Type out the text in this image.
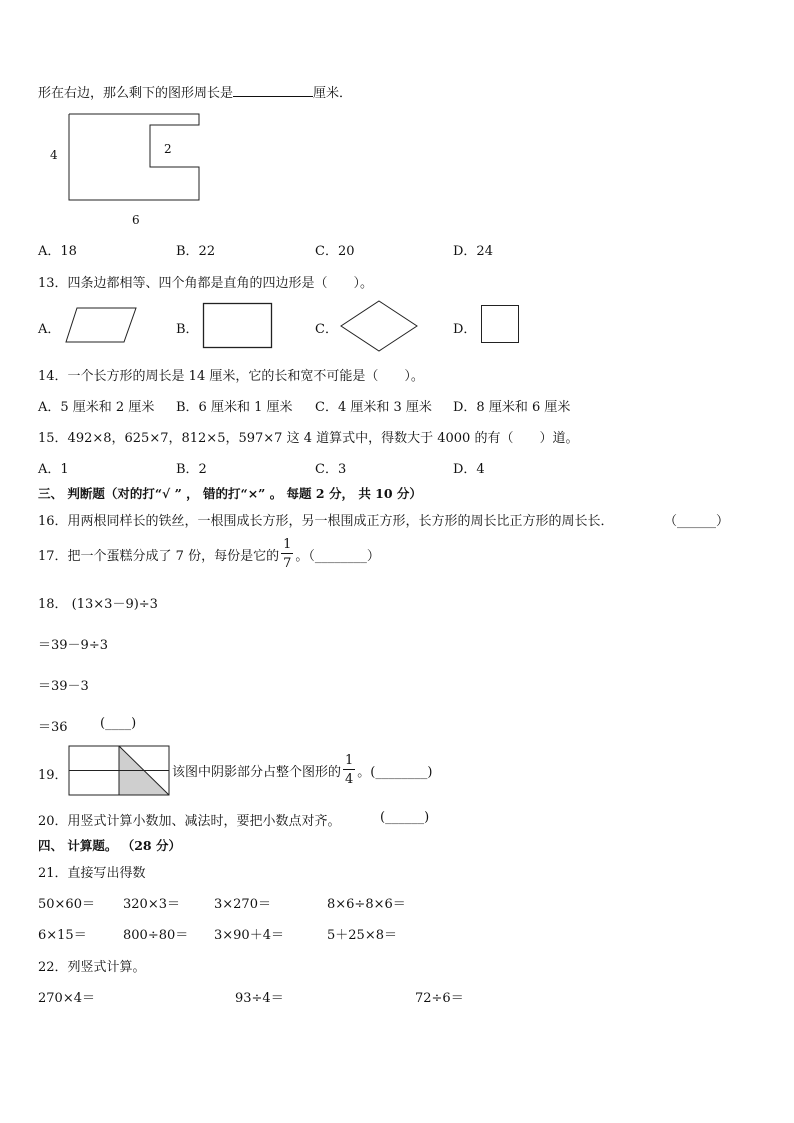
形在右边，那么剩下的图形周长是	厘米．
4	2
6
A．18	B．22	C．20	D．24
13．四条边都相等、四个角都是直角的四边形是（　　）。
A．	B．	C．	D．
14．一个长方形的周长是 14 厘米，它的长和宽不可能是（　　）。
A．5 厘米和 2 厘米 B．6 厘米和 1 厘米 C．4 厘米和 3 厘米 D．8 厘米和 6 厘米
15．492×8，625×7，812×5，597×7 这 4 道算式中，得数大于 4000 的有（　　）道。
A．1	B．2	C．3	D．4
三、 判断题（对的打“√ ” ， 错的打“×” 。 每题 2 分， 共 10 分）
16．用两根同样长的铁丝，一根围成长方形，另一根围成正方形，长方形的周长比正方形的周长长．	（______）
17．把一个蛋糕分成了 7 份，每份是它的 $\frac{1}{7}$ 。（________）
18． (13×3－9)÷3
＝39－9÷3
＝39－3
＝36 (____)
19．	该图中阴影部分占整个图形的 $\frac{1}{4}$ 。(________)
20．用竖式计算小数加、减法时，要把小数点对齐。	(______)
四、 计算题。 （28 分）
21．直接写出得数
50×60＝ 320×3＝	3×270＝	8×6÷8×6＝
6×15＝	800÷80＝ 3×90＋4＝	5＋25×8＝
22．列竖式计算。
270×4＝	93÷4＝	72÷6＝
